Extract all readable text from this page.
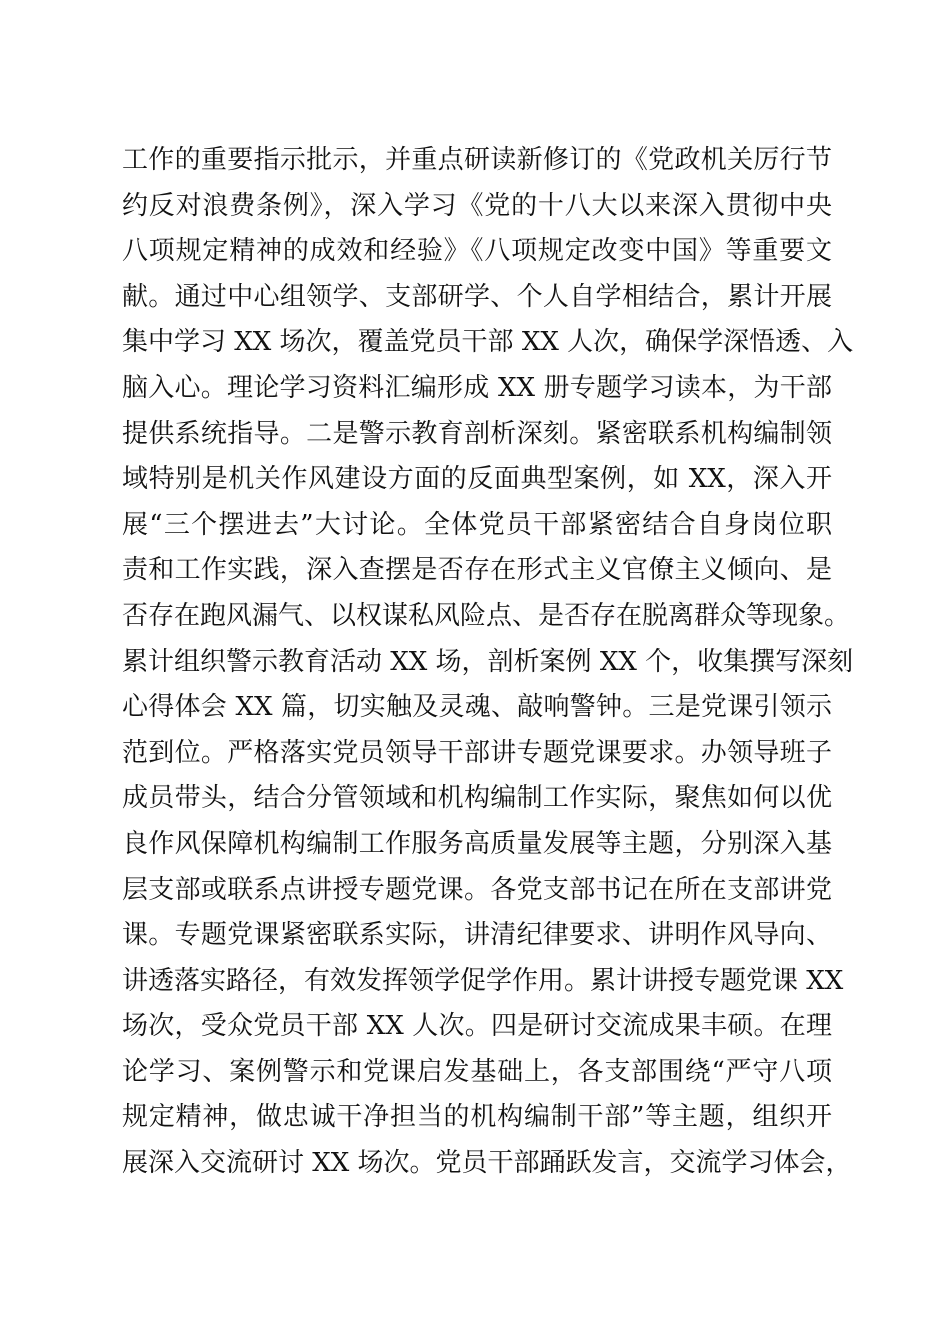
工作的重要指示批示，并重点研读新修订的《党政机关厉行节
约反对浪费条例》，深入学习《党的十八大以来深入贯彻中央
八项规定精神的成效和经验》《八项规定改变中国》等重要文
献。通过中心组领学、支部研学、个人自学相结合，累计开展
集中学习 XX 场次，覆盖党员干部 XX 人次，确保学深悟透、入
脑入心。理论学习资料汇编形成 XX 册专题学习读本，为干部
提供系统指导。二是警示教育剖析深刻。紧密联系机构编制领
域特别是机关作风建设方面的反面典型案例，如 XX，深入开
展“三个摆进去”大讨论。全体党员干部紧密结合自身岗位职
责和工作实践，深入查摆是否存在形式主义官僚主义倾向、是
否存在跑风漏气、以权谋私风险点、是否存在脱离群众等现象。
累计组织警示教育活动 XX 场，剖析案例 XX 个，收集撰写深刻
心得体会 XX 篇，切实触及灵魂、敲响警钟。三是党课引领示
范到位。严格落实党员领导干部讲专题党课要求。办领导班子
成员带头，结合分管领域和机构编制工作实际，聚焦如何以优
良作风保障机构编制工作服务高质量发展等主题，分别深入基
层支部或联系点讲授专题党课。各党支部书记在所在支部讲党
课。专题党课紧密联系实际，讲清纪律要求、讲明作风导向、
讲透落实路径，有效发挥领学促学作用。累计讲授专题党课 XX
场次，受众党员干部 XX 人次。四是研讨交流成果丰硕。在理
论学习、案例警示和党课启发基础上，各支部围绕“严守八项
规定精神，做忠诚干净担当的机构编制干部”等主题，组织开
展深入交流研讨 XX 场次。党员干部踊跃发言，交流学习体会，
